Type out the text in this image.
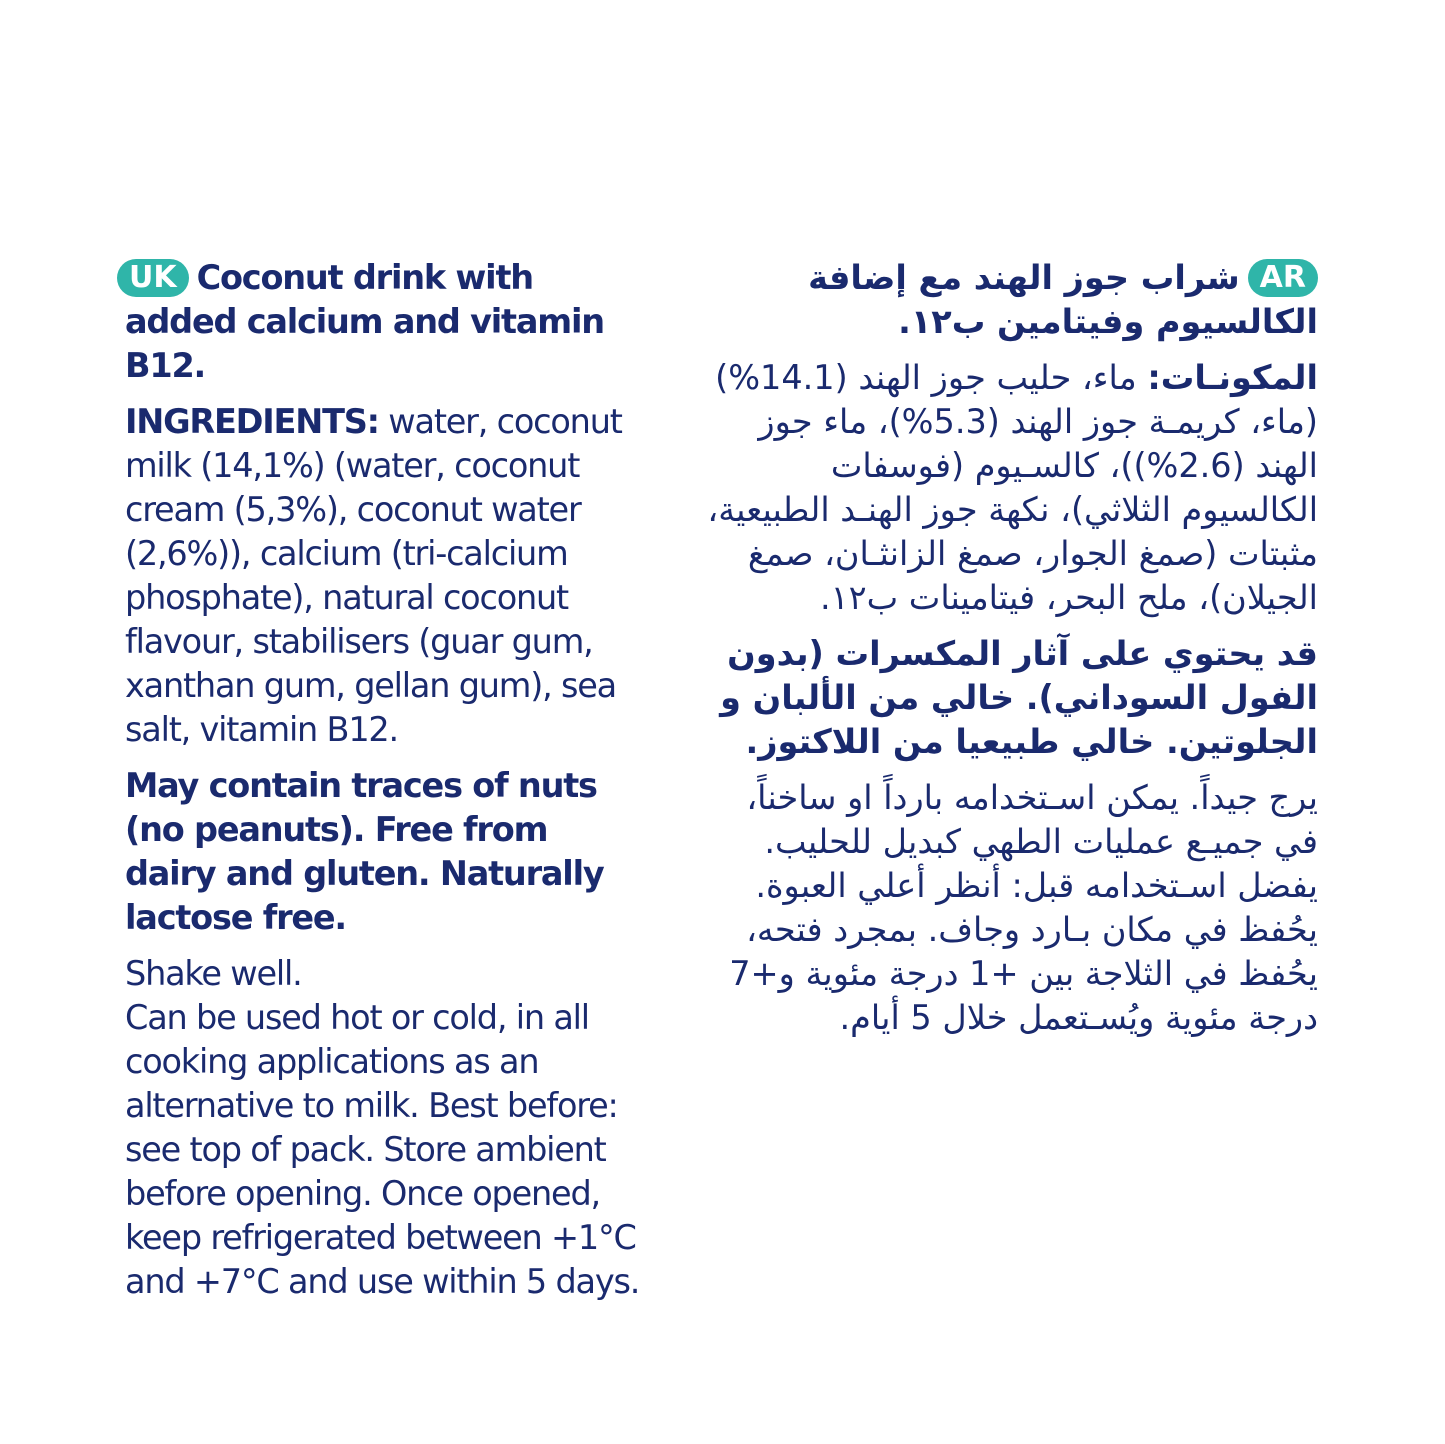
UK Coconut drink with added calcium and vitamin B12.
INGREDIENTS: water, coconut milk (14,1%) (water, coconut cream (5,3%), coconut water (2,6%)), calcium (tri-calcium phosphate), natural coconut flavour, stabilisers (guar gum, xanthan gum, gellan gum), sea salt, vitamin B12.
May contain traces of nuts (no peanuts). Free from dairy and gluten. Naturally lactose free.
Shake well.
Can be used hot or cold, in all cooking applications as an alternative to milk. Best before: see top of pack. Store ambient before opening. Once opened, keep refrigerated between +1°C and +7°C and use within 5 days.
ARشراب جوز الهند مع إضافة الكالسيوم وفيتامين ب١٢.
المكونـات: ماء، حليب جوز الهند (14.1%) (ماء، كريمـة جوز الهند (5.3%)، ماء جوز الهند (2.6%))، كالسـيوم (فوسفات الكالسيوم الثلاثي)، نكهة جوز الهنـد الطبيعية، مثبتات (صمغ الجوار، صمغ الزانثـان، صمغ الجيلان)، ملح البحر، فيتامينات ب١٢.
قد يحتوي على آثار المكسرات (بدون الفول السوداني). خالي من الألبان و الجلوتين. خالي طبيعيا من اللاكتوز.
يرج جيداً. يمكن اسـتخدامه بارداً او ساخناً، في جميـع عمليات الطهي كبديل للحليب. يفضل اسـتخدامه قبل: أنظر أعلي العبوة. يحُفظ في مكان بـارد وجاف. بمجرد فتحه، يحُفظ في الثلاجة بين +1 درجة مئوية و+7 درجة مئوية ويُسـتعمل خلال 5 أيام.
